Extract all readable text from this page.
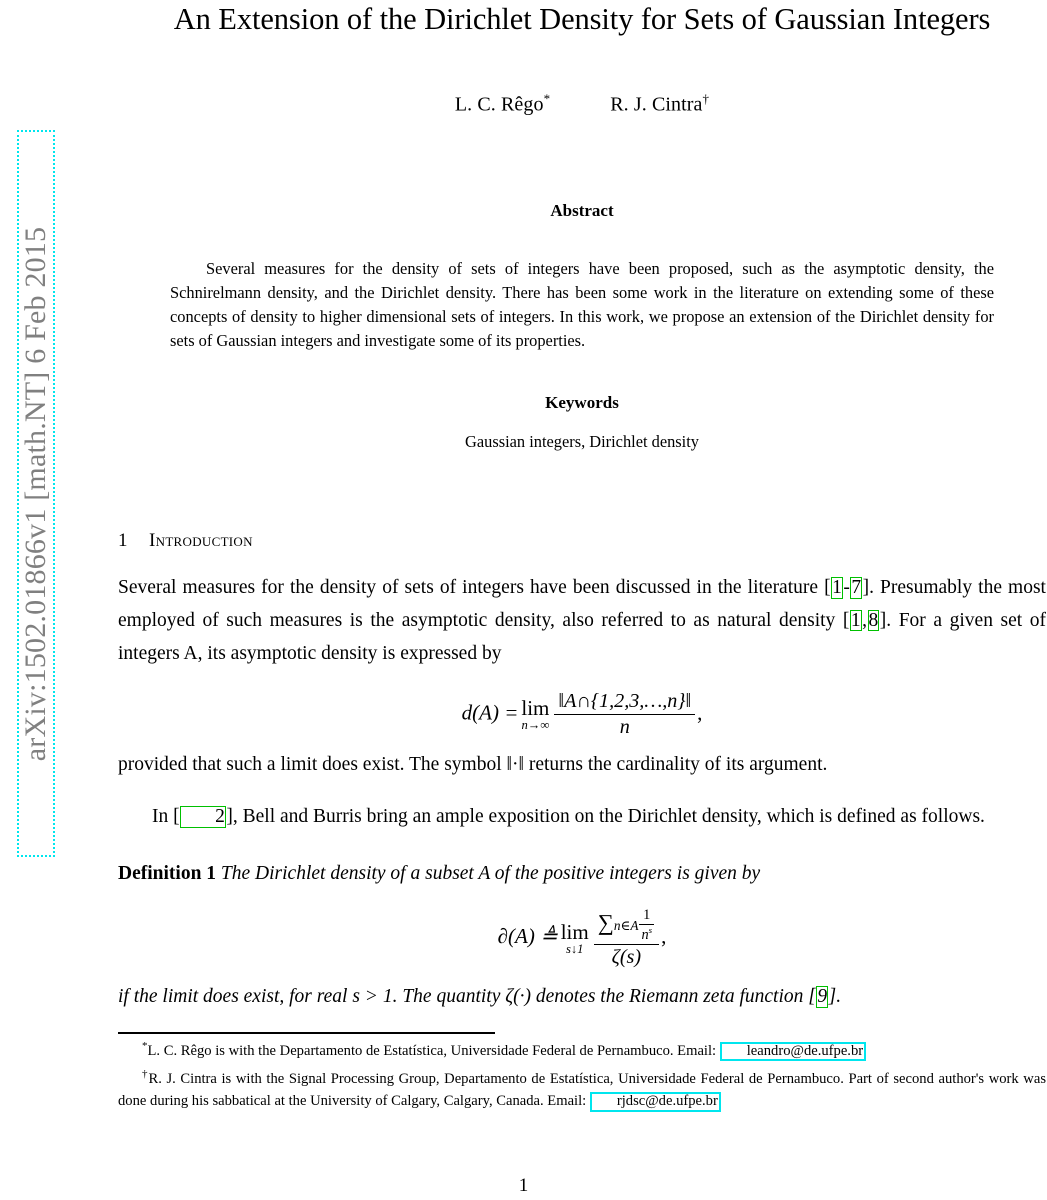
arXiv:1502.01866v1 [math.NT] 6 Feb 2015
An Extension of the Dirichlet Density for Sets of Gaussian Integers
L. C. Rêgo*	R. J. Cintra†
Abstract
Several measures for the density of sets of integers have been proposed, such as the asymptotic density, the Schnirelmann density, and the Dirichlet density. There has been some work in the literature on extending some of these concepts of density to higher dimensional sets of integers. In this work, we propose an extension of the Dirichlet density for sets of Gaussian integers and investigate some of its properties.
Keywords
Gaussian integers, Dirichlet density
1	Introduction

Several measures for the density of sets of integers have been discussed in the literature [1-7]. Presumably the most employed of such measures is the asymptotic density, also referred to as natural density [1,8]. For a given set of integers A, its asymptotic density is expressed by

d(A) = lim
$n\to\infty \frac{‖A\cap\{1,2,3,\dots,n\}‖}{n}$ ,

provided that such a limit does exist. The symbol ‖·‖ returns the cardinality of its argument.

In [ 2], Bell and Burris bring an ample exposition on the Dirichlet density, which is defined as follows.

Definition 1 The Dirichlet density of a subset A of the positive integers is given by
∂(A) ≜ lim
s↓1 $\frac{\sum n\in A \frac{1}{n^s}}{\zeta(s)}$ ,
if the limit does exist, for real s > 1. The quantity ζ(·) denotes the Riemann zeta function [9].
*L. C. Rêgo is with the Departamento de Estatística, Universidade Federal de Pernambuco. Email: leandro@de.ufpe.br
†R. J. Cintra is with the Signal Processing Group, Departamento de Estatística, Universidade Federal de Pernambuco. Part of second author's work was done during his sabbatical at the University of Calgary, Calgary, Canada. Email: rjdsc@de.ufpe.br
1
